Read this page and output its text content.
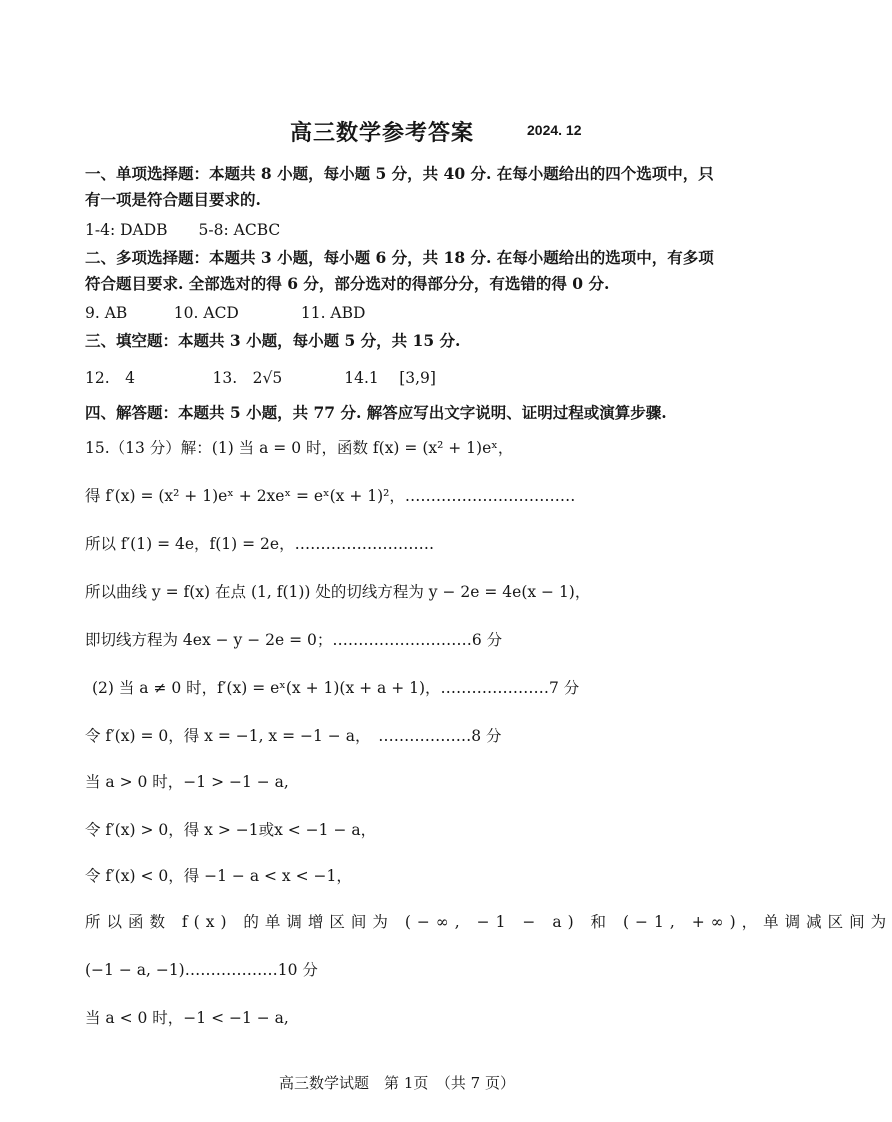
高三数学参考答案	2024. 12
一、单项选择题：本题共 8 小题，每小题 5 分，共 40 分. 在每小题给出的四个选项中，只
有一项是符合题目要求的.
1-4: DADB　　5-8: ACBC
二、多项选择题：本题共 3 小题，每小题 6 分，共 18 分. 在每小题给出的选项中，有多项
符合题目要求. 全部选对的得 6 分，部分选对的得部分分，有选错的得 0 分.
9. AB　　　10. ACD　　　　11. ABD
三、填空题：本题共 3 小题，每小题 5 分，共 15 分.
12.　4　　　　　13.　2√5　　　　14.1　 [3,9]
四、解答题：本题共 5 小题，共 77 分. 解答应写出文字说明、证明过程或演算步骤.
15.（13 分）解：(1) 当 a = 0 时，函数 f(x) = (x² + 1)eˣ，
得 f′(x) = (x² + 1)eˣ + 2xeˣ = eˣ(x + 1)²，……………………………
所以 f′(1) = 4e，f(1) = 2e，………………………
所以曲线 y = f(x) 在点 (1, f(1)) 处的切线方程为 y − 2e = 4e(x − 1)，
即切线方程为 4ex − y − 2e = 0；………………………6 分
(2) 当 a ≠ 0 时，f′(x) = eˣ(x + 1)(x + a + 1)，…………………7 分
令 f′(x) = 0，得 x = −1, x = −1 − a，　………………8 分
当 a > 0 时，−1 > −1 − a,
令 f′(x) > 0，得 x > −1或x < −1 − a，
令 f′(x) < 0，得 −1 − a < x < −1，
所以函数 f(x) 的单调增区间为 (−∞, −1 − a) 和 (−1, +∞)，单调减区间为
(−1 − a, −1)………………10 分
当 a < 0 时，−1 < −1 − a,
高三数学试题　第 1页　（共 7 页）
